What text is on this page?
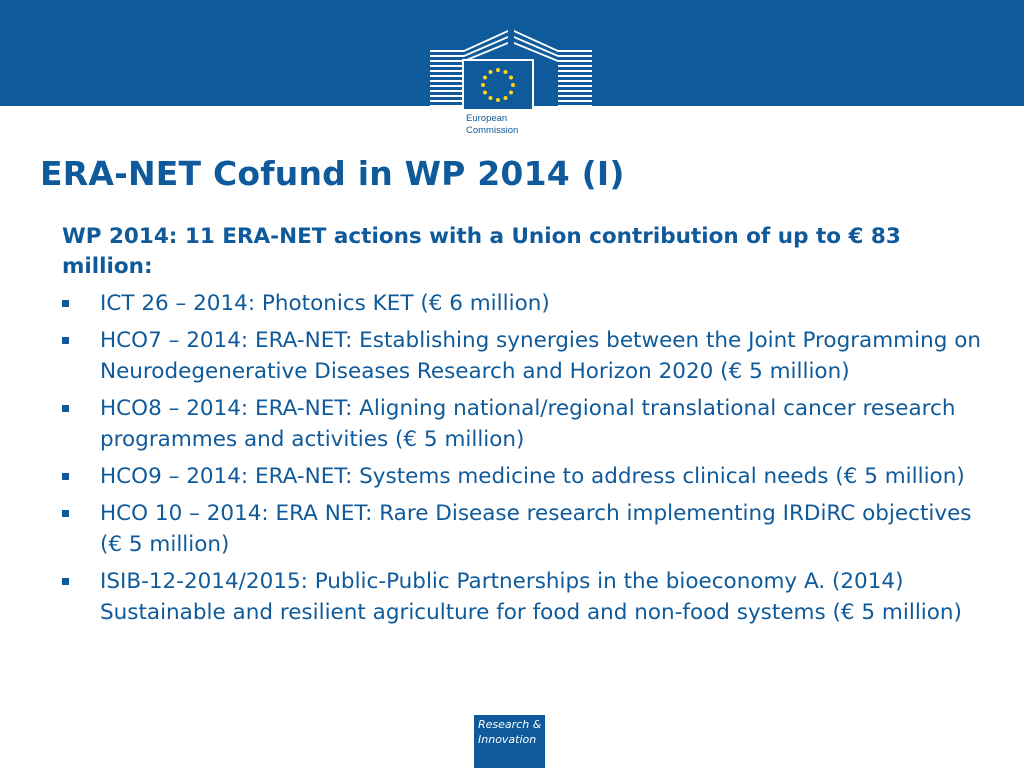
European
Commission
ERA-NET Cofund in WP 2014 (I)

WP 2014: 11 ERA-NET actions with a Union contribution of up to € 83 million:

ICT 26 – 2014: Photonics KET (€ 6 million)
HCO7 – 2014: ERA-NET: Establishing synergies between the Joint Programming on Neurodegenerative Diseases Research and Horizon 2020 (€ 5 million)
HCO8 – 2014: ERA-NET: Aligning national/regional translational cancer research programmes and activities (€ 5 million)
HCO9 – 2014: ERA-NET: Systems medicine to address clinical needs (€ 5 million)
HCO 10 – 2014: ERA NET: Rare Disease research implementing IRDiRC objectives (€ 5 million)
ISIB-12-2014/2015: Public-Public Partnerships in the bioeconomy A. (2014) Sustainable and resilient agriculture for food and non-food systems (€ 5 million)
Research &
Innovation
